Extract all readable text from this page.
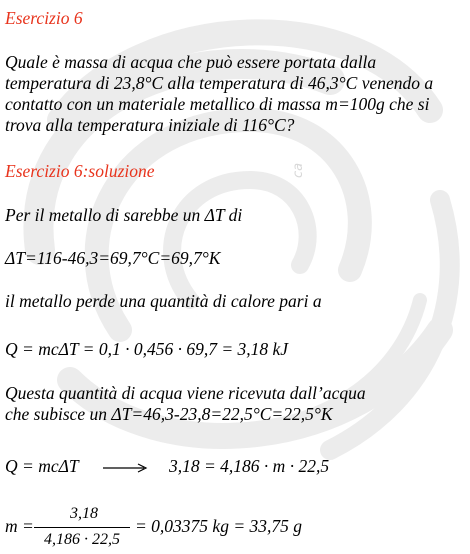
ca
Esercizio 6
Quale è massa di acqua che può essere portata dalla
temperatura di 23,8°C alla temperatura di 46,3°C venendo a
contatto con un materiale metallico di massa m=100g che si
trova alla temperatura iniziale di 116°C?
Esercizio 6:soluzione
Per il metallo di sarebbe un ΔT di
ΔT=116-46,3=69,7°C=69,7°K
il metallo perde una quantità di calore pari a
Q = mcΔT = 0,1 · 0,456 · 69,7 = 3,18 kJ
Questa quantità di acqua viene ricevuta dall’acqua
che subisce un ΔT=46,3-23,8=22,5°C=22,5°K
Q = mcΔT	3,18 = 4,186 · m · 22,5
m =
3,18
4,186 · 22,5
= 0,03375 kg = 33,75 g
